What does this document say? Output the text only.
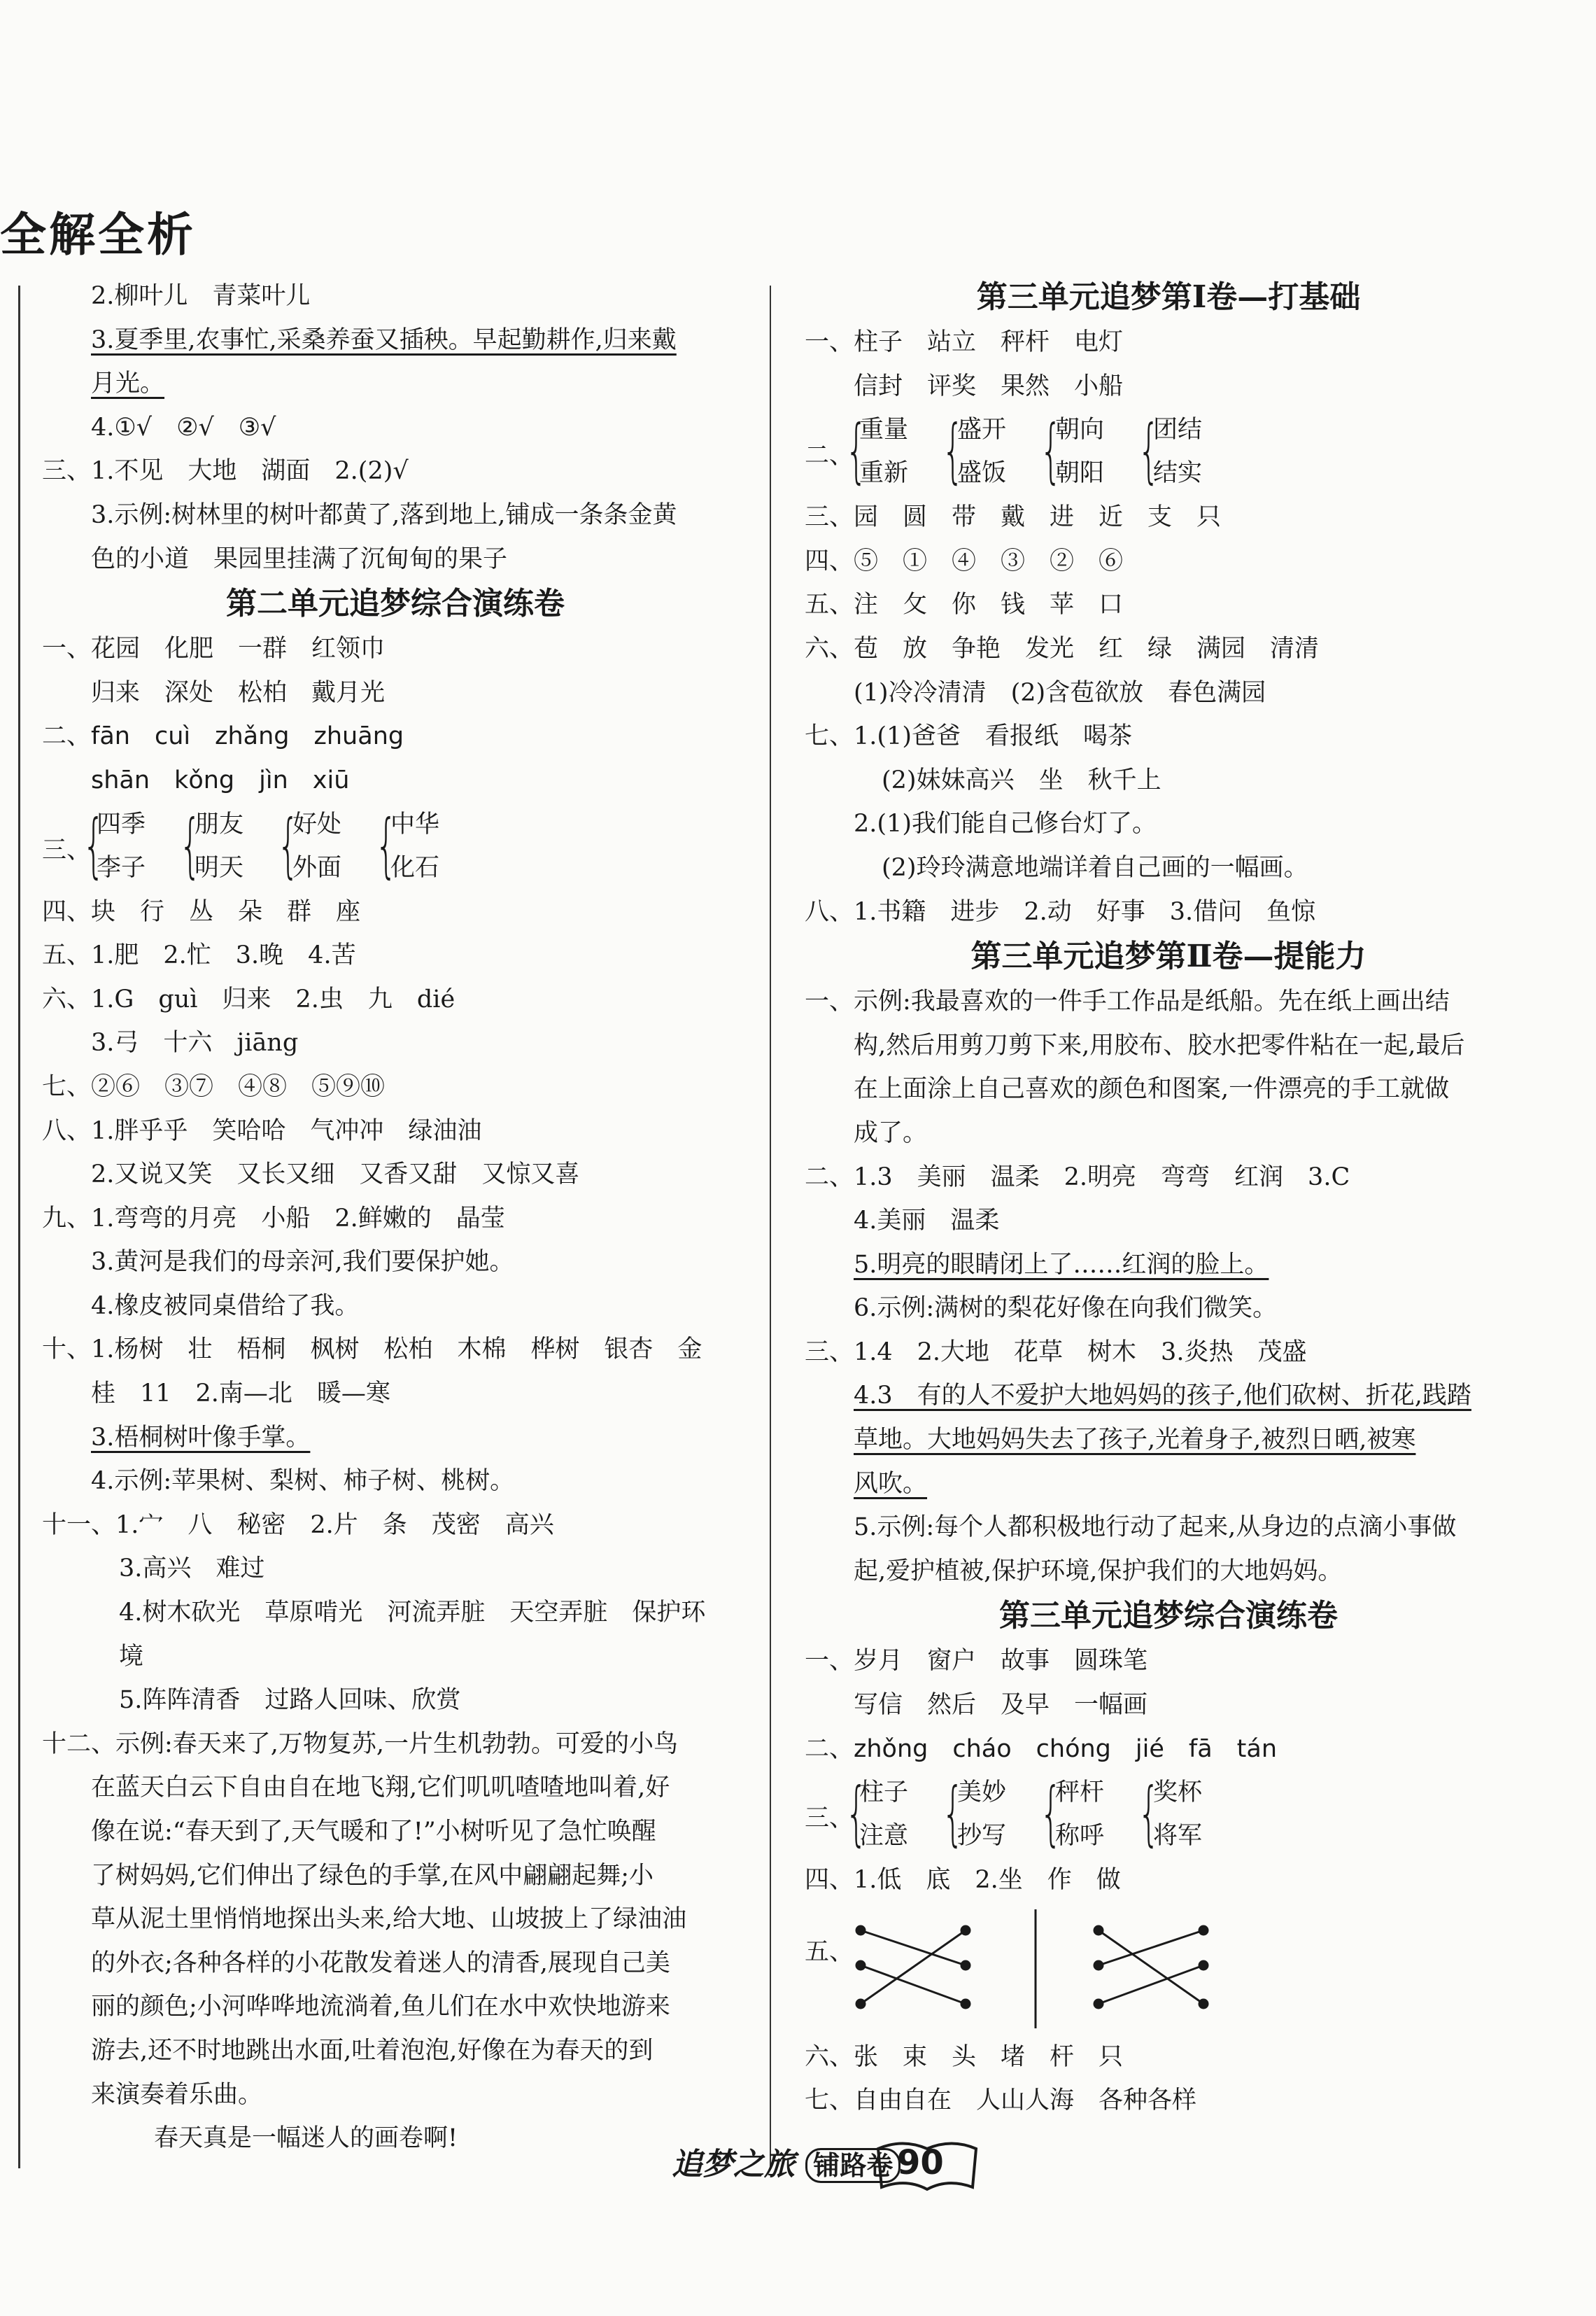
全解全析
2.柳叶儿　青菜叶儿
3.夏季里,农事忙,采桑养蚕又插秧。早起勤耕作,归来戴
月光。
4.①√　②√　③√
三、1.不见　大地　湖面　2.(2)√
3.示例:树林里的树叶都黄了,落到地上,铺成一条条金黄
色的小道　果园里挂满了沉甸甸的果子
第二单元追梦综合演练卷
一、花园　化肥　一群　红领巾
归来　深处　松柏　戴月光
二、fān　cuì　zhǎng　zhuāng
shān　kǒng　jìn　xiū
三、
{
四季
李子 {
朋友
明天 {
好处
外面 {
中华
化石
四、块　行　丛　朵　群　座
五、1.肥　2.忙　3.晚　4.苦
六、1.G　guì　归来　2.虫　九　dié
3.弓　十六　jiāng
七、②⑥　③⑦　④⑧　⑤⑨⑩
八、1.胖乎乎　笑哈哈　气冲冲　绿油油
2.又说又笑　又长又细　又香又甜　又惊又喜
九、1.弯弯的月亮　小船　2.鲜嫩的　晶莹
3.黄河是我们的母亲河,我们要保护她。
4.橡皮被同桌借给了我。
十、1.杨树　壮　梧桐　枫树　松柏　木棉　桦树　银杏　金
桂　11　2.南—北　暖—寒
3.梧桐树叶像手掌。
4.示例:苹果树、梨树、柿子树、桃树。
十一、1.宀　八　秘密　2.片　条　茂密　高兴
3.高兴　难过
4.树木砍光　草原啃光　河流弄脏　天空弄脏　保护环
境
5.阵阵清香　过路人回味、欣赏
十二、示例:春天来了,万物复苏,一片生机勃勃。可爱的小鸟
在蓝天白云下自由自在地飞翔,它们叽叽喳喳地叫着,好
像在说:“春天到了,天气暖和了!”小树听见了急忙唤醒
了树妈妈,它们伸出了绿色的手掌,在风中翩翩起舞;小
草从泥土里悄悄地探出头来,给大地、山坡披上了绿油油
的外衣;各种各样的小花散发着迷人的清香,展现自己美
丽的颜色;小河哗哗地流淌着,鱼儿们在水中欢快地游来
游去,还不时地跳出水面,吐着泡泡,好像在为春天的到
来演奏着乐曲。
春天真是一幅迷人的画卷啊!
第三单元追梦第Ⅰ卷—打基础
一、柱子　站立　秤杆　电灯
信封　评奖　果然　小船
二、
{
重量
重新 {
盛开
盛饭 {
朝向
朝阳 {
团结
结实
三、园　圆　带　戴　进　近　支　只
四、⑤　①　④　③　②　⑥
五、注　攵　你　钱　苹　口
六、苞　放　争艳　发光　红　绿　满园　清清
(1)冷冷清清　(2)含苞欲放　春色满园
七、1.(1)爸爸　看报纸　喝茶
(2)妹妹高兴　坐　秋千上
2.(1)我们能自己修台灯了。
(2)玲玲满意地端详着自己画的一幅画。
八、1.书籍　进步　2.动　好事　3.借问　鱼惊
第三单元追梦第Ⅱ卷—提能力
一、示例:我最喜欢的一件手工作品是纸船。先在纸上画出结
构,然后用剪刀剪下来,用胶布、胶水把零件粘在一起,最后
在上面涂上自己喜欢的颜色和图案,一件漂亮的手工就做
成了。
二、1.3　美丽　温柔　2.明亮　弯弯　红润　3.C
4.美丽　温柔
5.明亮的眼睛闭上了……红润的脸上。
6.示例:满树的梨花好像在向我们微笑。
三、1.4　2.大地　花草　树木　3.炎热　茂盛
4.3　有的人不爱护大地妈妈的孩子,他们砍树、折花,践踏
草地。大地妈妈失去了孩子,光着身子,被烈日晒,被寒
风吹。
5.示例:每个人都积极地行动了起来,从身边的点滴小事做
起,爱护植被,保护环境,保护我们的大地妈妈。
第三单元追梦综合演练卷
一、岁月　窗户　故事　圆珠笔
写信　然后　及早　一幅画
二、zhǒng　cháo　chóng　jié　fā　tán
三、
{
柱子
注意 {
美妙
抄写 {
秤杆
称呼 {
奖杯
将军
四、1.低　底　2.坐　作　做
五、
六、张　束　头　堵　杆　只
七、自由自在　人山人海　各种各样
追梦之旅 铺路卷 90
